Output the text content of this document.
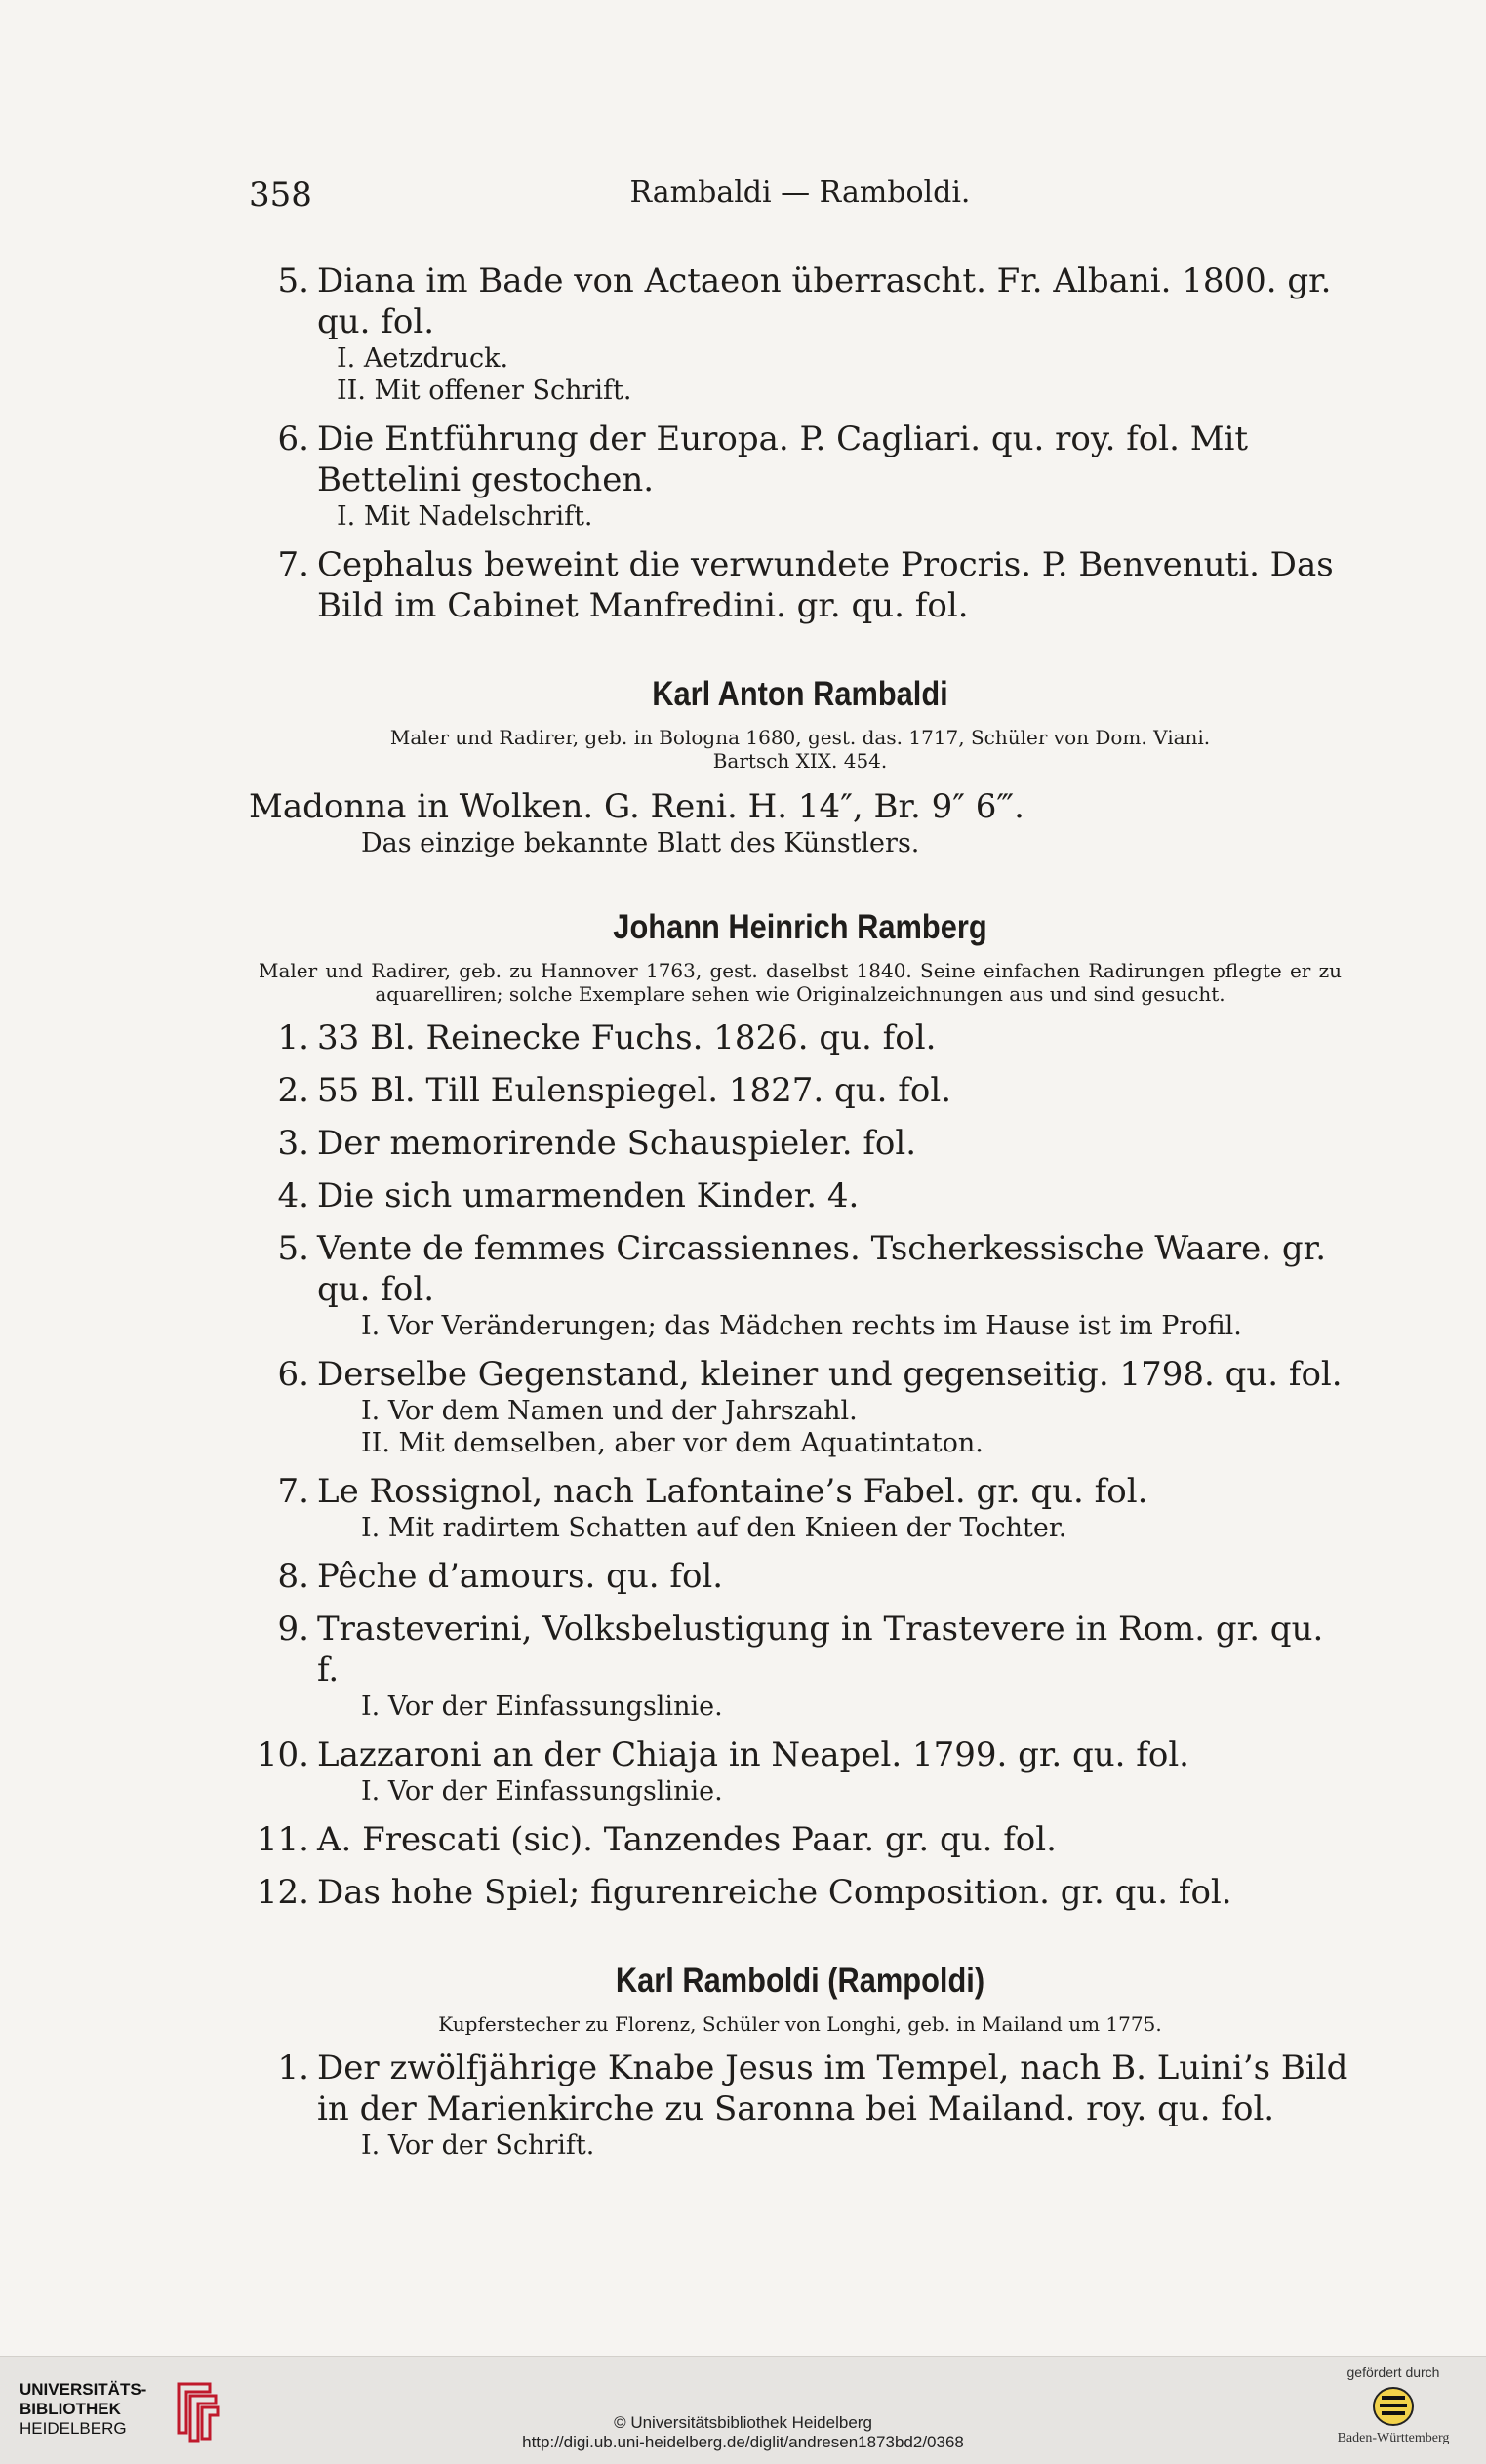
358	Rambaldi — Ramboldi.
5. Diana im Bade von Actaeon überrascht. Fr. Albani. 1800. gr. qu. fol.
I. Aetzdruck.
II. Mit offener Schrift.
6. Die Entführung der Europa. P. Cagliari. qu. roy. fol. Mit Bettelini gestochen.
I. Mit Nadelschrift.
7. Cephalus beweint die verwundete Procris. P. Benvenuti. Das Bild im Cabinet Manfredini. gr. qu. fol.
Karl Anton Rambaldi
Maler und Radirer, geb. in Bologna 1680, gest. das. 1717, Schüler von Dom. Viani.
Bartsch XIX. 454.
Madonna in Wolken. G. Reni. H. 14″, Br. 9″ 6‴.
Das einzige bekannte Blatt des Künstlers.
Johann Heinrich Ramberg
Maler und Radirer, geb. zu Hannover 1763, gest. daselbst 1840. Seine einfachen Radirungen pflegte er zu aquarelliren; solche Exemplare sehen wie Originalzeichnungen aus und sind gesucht.
1. 33 Bl. Reinecke Fuchs. 1826. qu. fol.
2. 55 Bl. Till Eulenspiegel. 1827. qu. fol.
3. Der memorirende Schauspieler. fol.
4. Die sich umarmenden Kinder. 4.
5. Vente de femmes Circassiennes. Tscherkessische Waare. gr. qu. fol.
I. Vor Veränderungen; das Mädchen rechts im Hause ist im Profil.
6. Derselbe Gegenstand, kleiner und gegenseitig. 1798. qu. fol.
I. Vor dem Namen und der Jahrszahl.
II. Mit demselben, aber vor dem Aquatintaton.
7. Le Rossignol, nach Lafontaine’s Fabel. gr. qu. fol.
I. Mit radirtem Schatten auf den Knieen der Tochter.
8. Pêche d’amours. qu. fol.
9. Trasteverini, Volksbelustigung in Trastevere in Rom. gr. qu. f.
I. Vor der Einfassungslinie.
10. Lazzaroni an der Chiaja in Neapel. 1799. gr. qu. fol.
I. Vor der Einfassungslinie.
11. A. Frescati (sic). Tanzendes Paar. gr. qu. fol.
12. Das hohe Spiel; figurenreiche Composition. gr. qu. fol.
Karl Ramboldi (Rampoldi)
Kupferstecher zu Florenz, Schüler von Longhi, geb. in Mailand um 1775.
1. Der zwölfjährige Knabe Jesus im Tempel, nach B. Luini’s Bild in der Marienkirche zu Saronna bei Mailand. roy. qu. fol.
I. Vor der Schrift.
UNIVERSITÄTS-
BIBLIOTHEK
HEIDELBERG	© Universitätsbibliothek Heidelberg
http://digi.ub.uni-heidelberg.de/diglit/andresen1873bd2/0368
gefördert durch
Baden-Württemberg
